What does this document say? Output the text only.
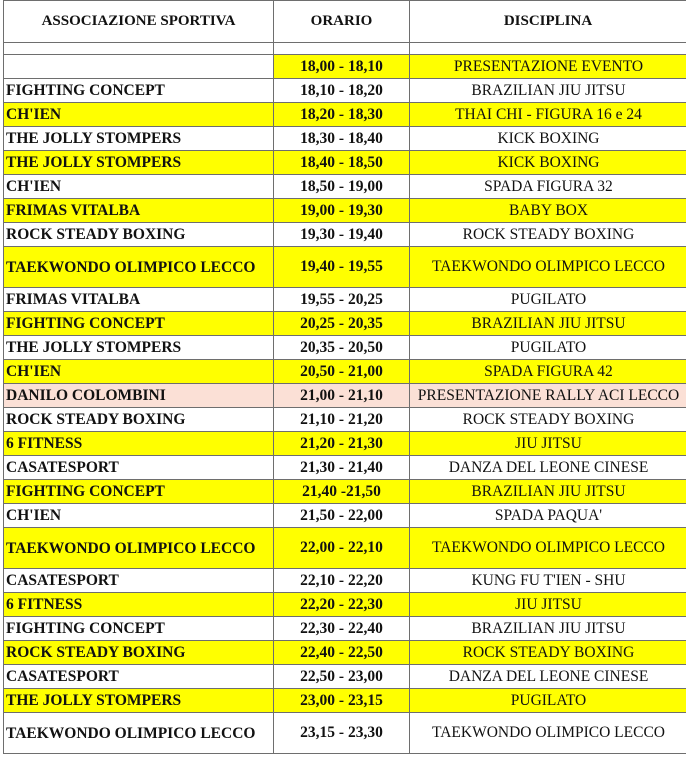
ASSOCIAZIONE SPORTIVA	ORARIO	DISCIPLINA

	18,00 - 18,10	PRESENTAZIONE EVENTO
FIGHTING CONCEPT	18,10 - 18,20	BRAZILIAN JIU JITSU
CH'IEN	18,20 - 18,30	THAI CHI - FIGURA 16 e 24
THE JOLLY STOMPERS	18,30 - 18,40	KICK BOXING
THE JOLLY STOMPERS	18,40 - 18,50	KICK BOXING
CH'IEN	18,50 - 19,00	SPADA FIGURA 32
FRIMAS VITALBA	19,00 - 19,30	BABY BOX
ROCK STEADY BOXING	19,30 - 19,40	ROCK STEADY BOXING
TAEKWONDO OLIMPICO LECCO	19,40 - 19,55	TAEKWONDO OLIMPICO LECCO
FRIMAS VITALBA	19,55 - 20,25	PUGILATO
FIGHTING CONCEPT	20,25 - 20,35	BRAZILIAN JIU JITSU
THE JOLLY STOMPERS	20,35 - 20,50	PUGILATO
CH'IEN	20,50 - 21,00	SPADA FIGURA 42
DANILO COLOMBINI	21,00 - 21,10	PRESENTAZIONE RALLY ACI LECCO
ROCK STEADY BOXING	21,10 - 21,20	ROCK STEADY BOXING
6 FITNESS	21,20 - 21,30	JIU JITSU
CASATESPORT	21,30 - 21,40	DANZA DEL LEONE CINESE
FIGHTING CONCEPT	21,40 -21,50	BRAZILIAN JIU JITSU
CH'IEN	21,50 - 22,00	SPADA PAQUA'
TAEKWONDO OLIMPICO LECCO	22,00 - 22,10	TAEKWONDO OLIMPICO LECCO
CASATESPORT	22,10 - 22,20	KUNG FU T'IEN - SHU
6 FITNESS	22,20 - 22,30	JIU JITSU
FIGHTING CONCEPT	22,30 - 22,40	BRAZILIAN JIU JITSU
ROCK STEADY BOXING	22,40 - 22,50	ROCK STEADY BOXING
CASATESPORT	22,50 - 23,00	DANZA DEL LEONE CINESE
THE JOLLY STOMPERS	23,00 - 23,15	PUGILATO
TAEKWONDO OLIMPICO LECCO	23,15 - 23,30	TAEKWONDO OLIMPICO LECCO
